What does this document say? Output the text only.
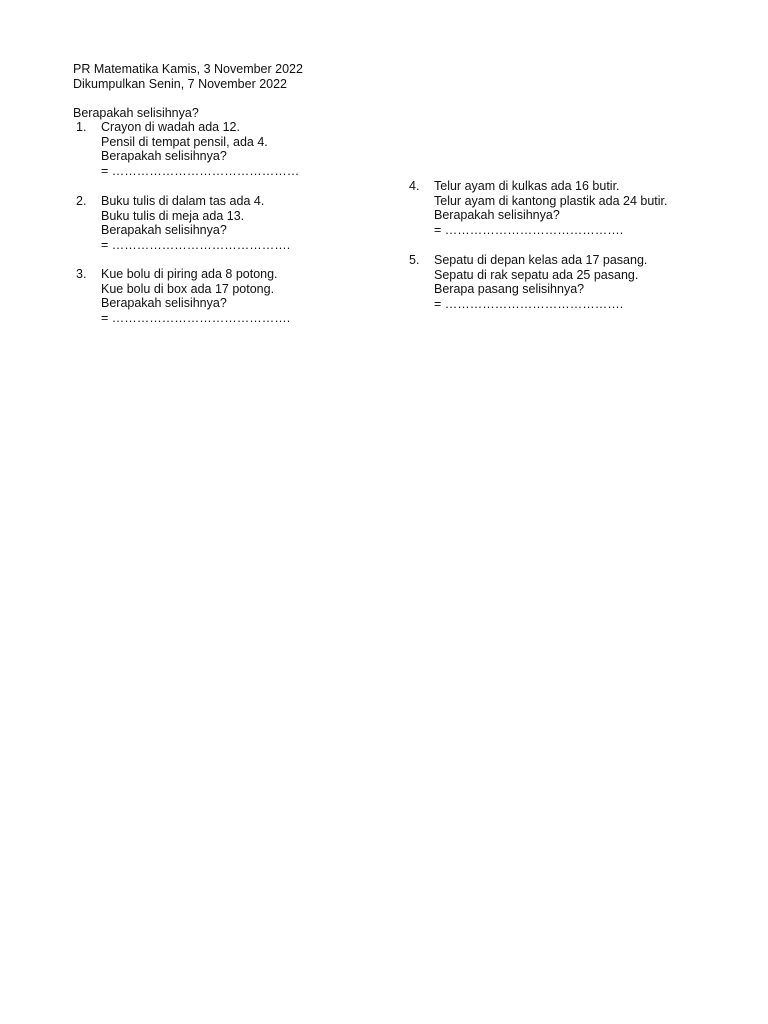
PR Matematika Kamis, 3 November 2022
Dikumpulkan Senin, 7 November 2022
Berapakah selisihnya?
1. Crayon di wadah ada 12.
Pensil di tempat pensil, ada 4.
Berapakah selisihnya?
= ………………………………………
2. Buku tulis di dalam tas ada 4.
Buku tulis di meja ada 13.
Berapakah selisihnya?
= …………………………………….
3. Kue bolu di piring ada 8 potong.
Kue bolu di box ada 17 potong.
Berapakah selisihnya?
= …………………………………….
4. Telur ayam di kulkas ada 16 butir.
Telur ayam di kantong plastik ada 24 butir.
Berapakah selisihnya?
= …………………………………….
5. Sepatu di depan kelas ada 17 pasang.
Sepatu di rak sepatu ada 25 pasang.
Berapa pasang selisihnya?
= …………………………………….
